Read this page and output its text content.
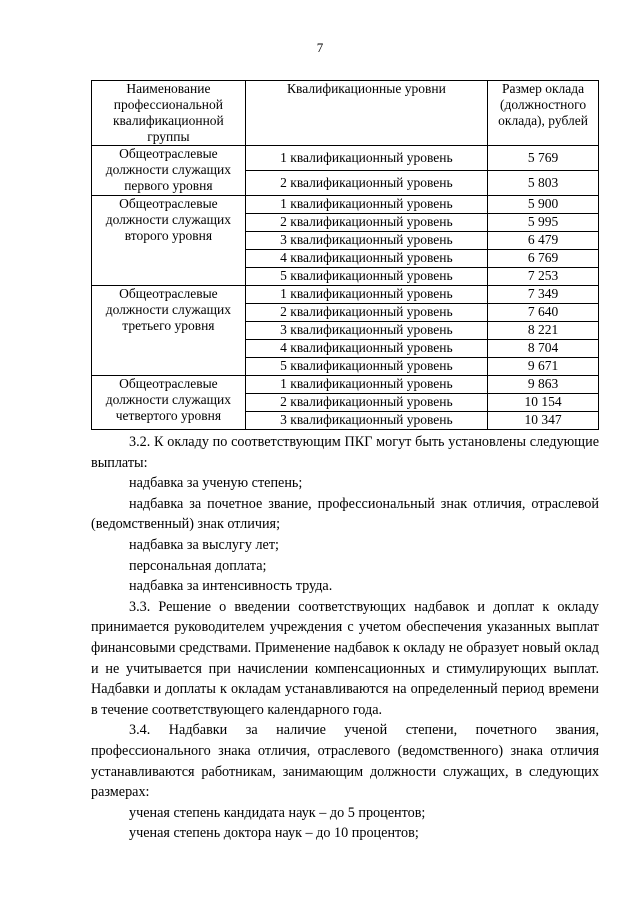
7
Наименование профессиональной квалификационной группы	Квалификационные уровни	Размер оклада (должностного оклада), рублей
Общеотраслевые должности служащих первого уровня	1 квалификационный уровень	5 769
	2 квалификационный уровень	5 803
Общеотраслевые должности служащих второго уровня	1 квалификационный уровень	5 900
	2 квалификационный уровень	5 995
	3 квалификационный уровень	6 479
	4 квалификационный уровень	6 769
	5 квалификационный уровень	7 253
Общеотраслевые должности служащих третьего уровня	1 квалификационный уровень	7 349
	2 квалификационный уровень	7 640
	3 квалификационный уровень	8 221
	4 квалификационный уровень	8 704
	5 квалификационный уровень	9 671
Общеотраслевые должности служащих четвертого уровня	1 квалификационный уровень	9 863
	2 квалификационный уровень	10 154
	3 квалификационный уровень	10 347

3.2. К окладу по соответствующим ПКГ могут быть установлены следующие выплаты:

надбавка за ученую степень;

надбавка за почетное звание, профессиональный знак отличия, отраслевой (ведомственный) знак отличия;

надбавка за выслугу лет;

персональная доплата;

надбавка за интенсивность труда.

3.3. Решение о введении соответствующих надбавок и доплат к окладу принимается руководителем учреждения с учетом обеспечения указанных выплат финансовыми средствами. Применение надбавок к окладу не образует новый оклад и не учитывается при начислении компенсационных и стимулирующих выплат. Надбавки и доплаты к окладам устанавливаются на определенный период времени в течение соответствующего календарного года.

3.4. Надбавки за наличие ученой степени, почетного звания, профессионального знака отличия, отраслевого (ведомственного) знака отличия устанавливаются работникам, занимающим должности служащих, в следующих размерах:

ученая степень кандидата наук – до 5 процентов;

ученая степень доктора наук – до 10 процентов;
